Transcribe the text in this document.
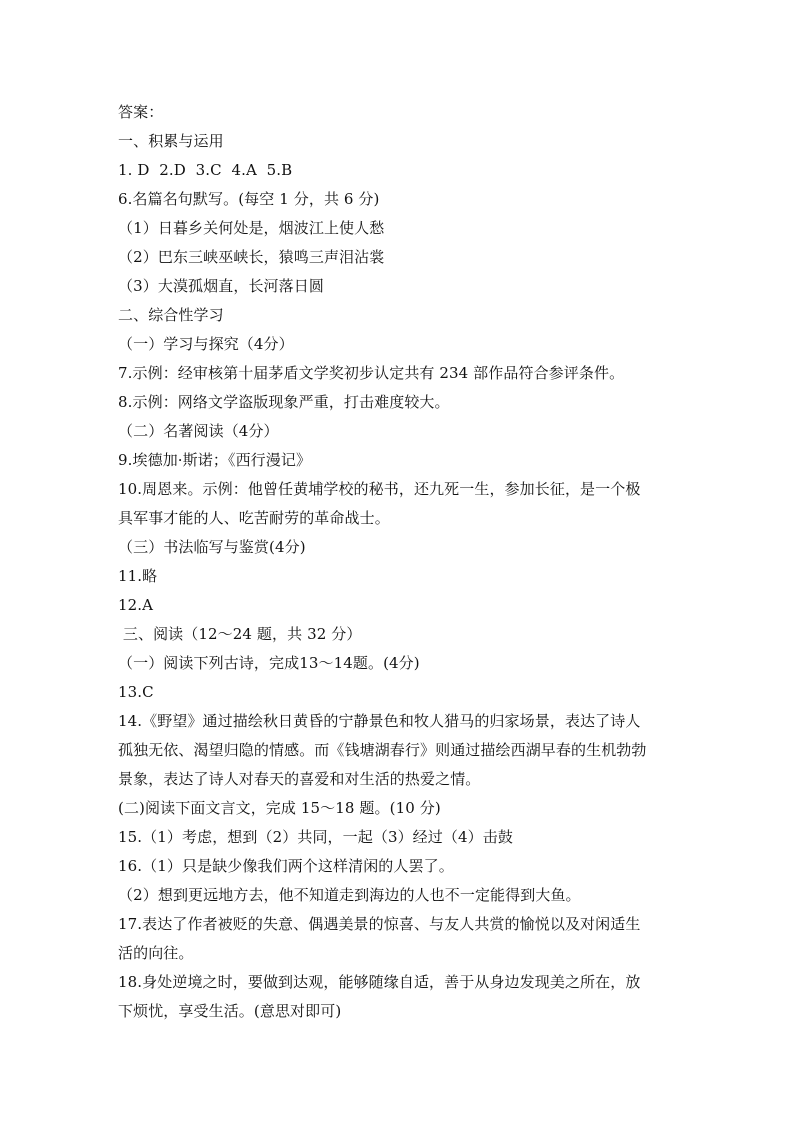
答案：

一、积累与运用

1. D  2.D  3.C  4.A  5.B

6.名篇名句默写。(每空 1 分，共 6 分)

（1）日暮乡关何处是，烟波江上使人愁

（2）巴东三峡巫峡长，猿鸣三声泪沾裳

（3）大漠孤烟直，长河落日圆

二、综合性学习

（一）学习与探究（4分）

7.示例：经审核第十届茅盾文学奖初步认定共有 234 部作品符合参评条件。

8.示例：网络文学盗版现象严重，打击难度较大。

（二）名著阅读（4分）

9.埃德加·斯诺；《西行漫记》

10.周恩来。示例：他曾任黄埔学校的秘书，还九死一生，参加长征，是一个极

具军事才能的人、吃苦耐劳的革命战士。

（三）书法临写与鉴赏(4分)

11.略

12.A

三、阅读（12～24 题，共 32 分）

（一）阅读下列古诗，完成13～14题。(4分)

13.C

14.《野望》通过描绘秋日黄昏的宁静景色和牧人猎马的归家场景，表达了诗人

孤独无依、渴望归隐的情感。而《钱塘湖春行》则通过描绘西湖早春的生机勃勃

景象，表达了诗人对春天的喜爱和对生活的热爱之情。

(二)阅读下面文言文，完成 15～18 题。(10 分)

15.（1）考虑，想到（2）共同，一起（3）经过（4）击鼓

16.（1）只是缺少像我们两个这样清闲的人罢了。

（2）想到更远地方去，他不知道走到海边的人也不一定能得到大鱼。

17.表达了作者被贬的失意、偶遇美景的惊喜、与友人共赏的愉悦以及对闲适生

活的向往。

18.身处逆境之时，要做到达观，能够随缘自适，善于从身边发现美之所在，放

下烦忧，享受生活。(意思对即可)
